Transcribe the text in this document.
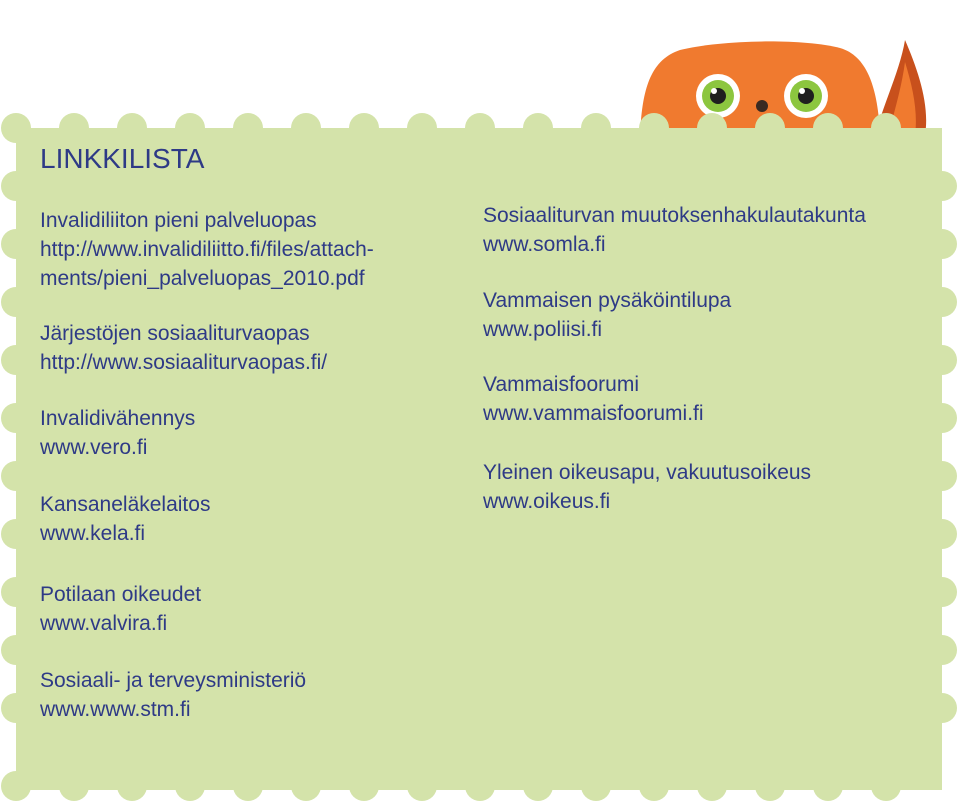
LINKKILISTA
Invalidiliiton pieni palveluopas
http://www.invalidiliitto.fi/files/attach-ments/pieni_palveluopas_2010.pdf
Järjestöjen sosiaaliturvaopas
http://www.sosiaaliturvaopas.fi/
Invalidivähennys
www.vero.fi
Kansaneläkelaitos
www.kela.fi
Potilaan oikeudet
www.valvira.fi
Sosiaali- ja terveysministeriö
www.www.stm.fi
Sosiaaliturvan muutoksenhakulautakunta
www.somla.fi
Vammaisen pysäköintilupa
www.poliisi.fi
Vammaisfoorumi
www.vammaisfoorumi.fi
Yleinen oikeusapu, vakuutusoikeus
www.oikeus.fi
